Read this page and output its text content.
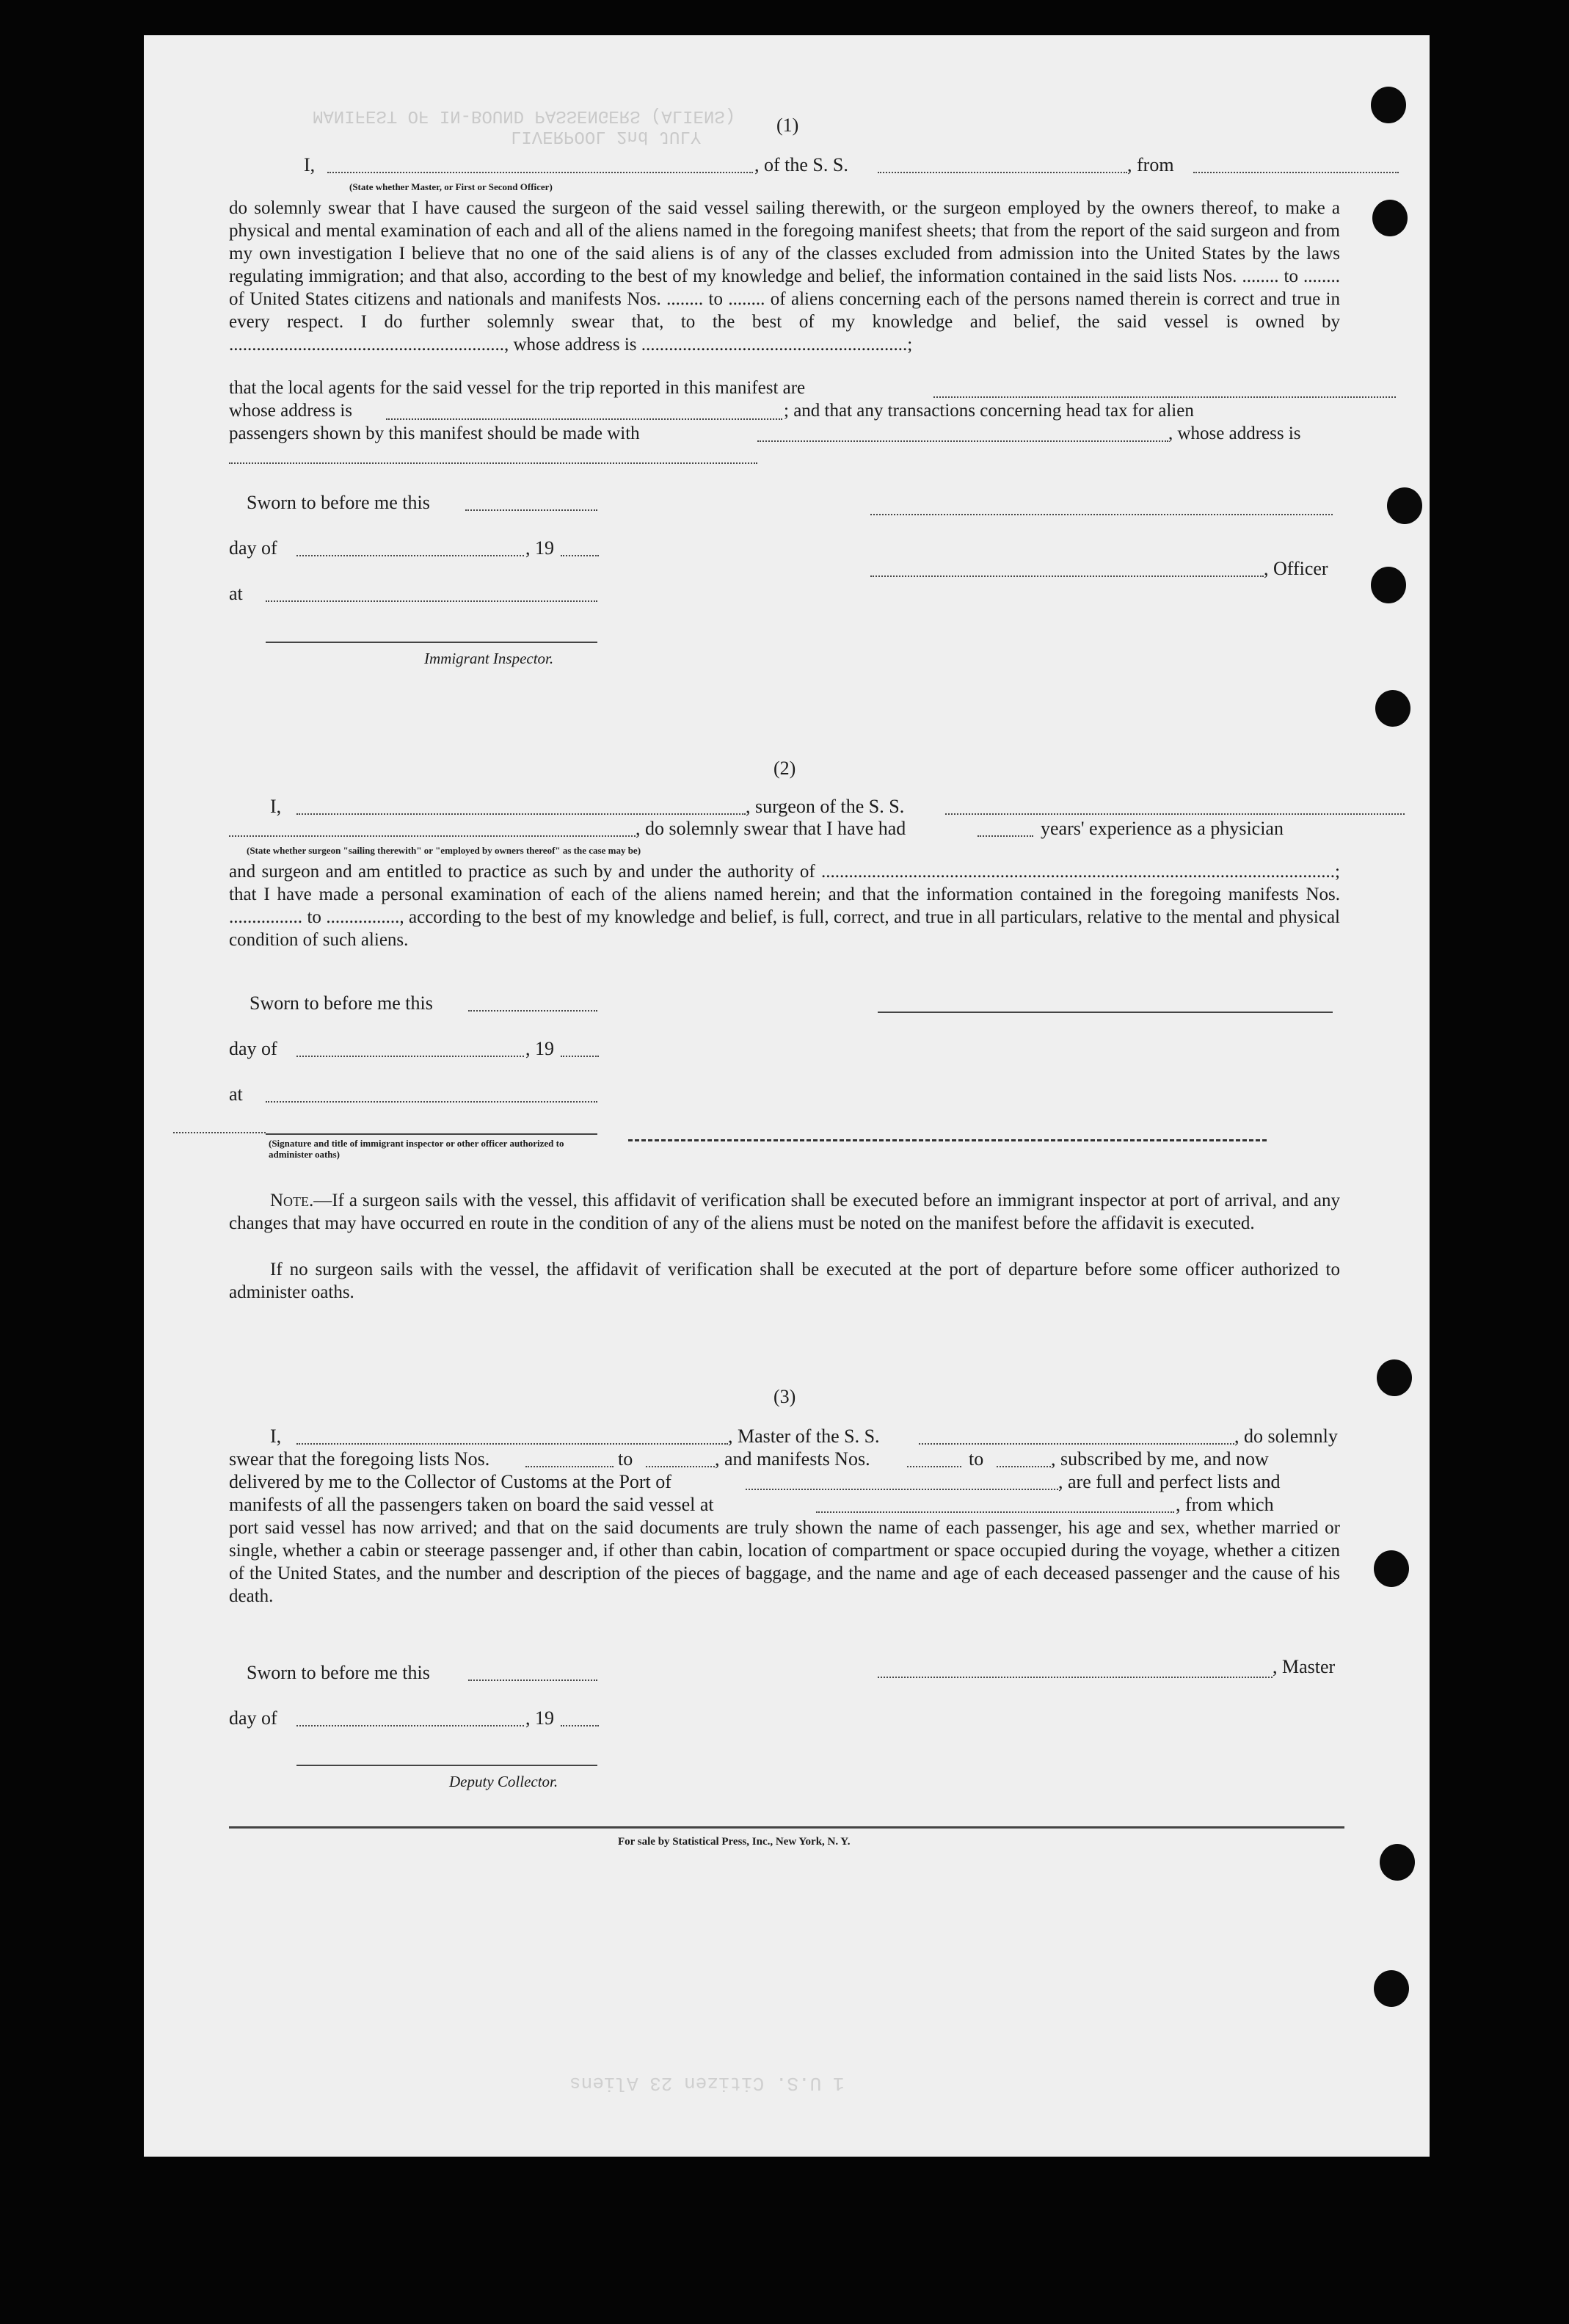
MANIFEST OF IN-BOUND PASSENGERS (ALIENS)
LIVERPOOL 2nd JULY
1 U.S. Citizen 23 Aliens
(1)
I,	, of the S. S.	, from
(State whether Master, or First or Second Officer)
do solemnly swear that I have caused the surgeon of the said vessel sailing therewith, or the surgeon employed by the owners thereof, to make a physical and mental examination of each and all of the aliens named in the foregoing manifest sheets; that from the report of the said surgeon and from my own investigation I believe that no one of the said aliens is of any of the classes excluded from admission into the United States by the laws regulating immigration; and that also, according to the best of my knowledge and belief, the information contained in the said lists Nos. ........ to ........ of United States citizens and nationals and manifests Nos. ........ to ........ of aliens concerning each of the persons named therein is correct and true in every respect. I do further solemnly swear that, to the best of my knowledge and belief, the said vessel is owned by ............................................................, whose address is ..........................................................;
that the local agents for the said vessel for the trip reported in this manifest are
whose address is	; and that any transactions concerning head tax for alien
passengers shown by this manifest should be made with	, whose address is
Sworn to before me this
day of	, 19
at
Immigrant Inspector.
, Officer
(2)
I,	, surgeon of the S. S.
, do solemnly swear that I have had	years' experience as a physician
(State whether surgeon "sailing therewith" or "employed by owners thereof" as the case may be)
and surgeon and am entitled to practice as such by and under the authority of ................................................................................................................; that I have made a personal examination of each of the aliens named herein; and that the information contained in the foregoing manifests Nos. ................ to ................, according to the best of my knowledge and belief, is full, correct, and true in all particulars, relative to the mental and physical condition of such aliens.
Sworn to before me this
day of	, 19
at
(Signature and title of immigrant inspector or other officer authorized to administer oaths)
Note.—If a surgeon sails with the vessel, this affidavit of verification shall be executed before an immigrant inspector at port of arrival, and any changes that may have occurred en route in the condition of any of the aliens must be noted on the manifest before the affidavit is executed.
If no surgeon sails with the vessel, the affidavit of verification shall be executed at the port of departure before some officer authorized to administer oaths.
(3)
I,	, Master of the S. S.	, do solemnly
swear that the foregoing lists Nos.	to	, and manifests Nos.	to	, subscribed by me, and now
delivered by me to the Collector of Customs at the Port of	, are full and perfect lists and
manifests of all the passengers taken on board the said vessel at	, from which
port said vessel has now arrived; and that on the said documents are truly shown the name of each passenger, his age and sex, whether married or single, whether a cabin or steerage passenger and, if other than cabin, location of compartment or space occupied during the voyage, whether a citizen of the United States, and the number and description of the pieces of baggage, and the name and age of each deceased passenger and the cause of his death.
Sworn to before me this	, Master
day of	, 19
Deputy Collector.
For sale by Statistical Press, Inc., New York, N. Y.
